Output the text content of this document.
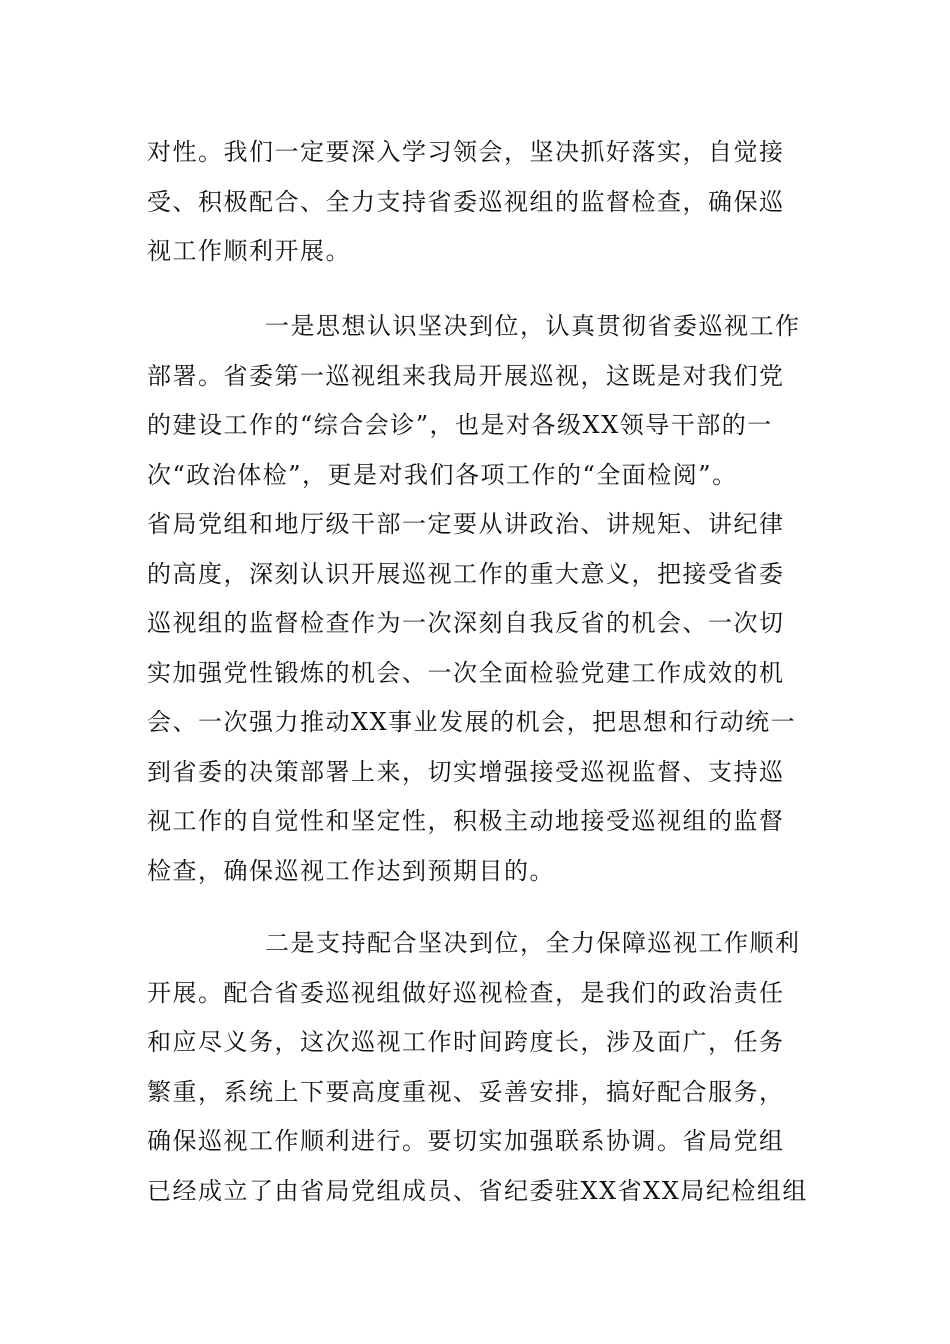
对性。我们一定要深入学习领会，坚决抓好落实，自觉接
受、积极配合、全力支持省委巡视组的监督检查，确保巡
视工作顺利开展。
一是思想认识坚决到位，认真贯彻省委巡视工作
部署。省委第一巡视组来我局开展巡视，这既是对我们党
的建设工作的“综合会诊”，也是对各级XX领导干部的一
次“政治体检”，更是对我们各项工作的“全面检阅”。
省局党组和地厅级干部一定要从讲政治、讲规矩、讲纪律
的高度，深刻认识开展巡视工作的重大意义，把接受省委
巡视组的监督检查作为一次深刻自我反省的机会、一次切
实加强党性锻炼的机会、一次全面检验党建工作成效的机
会、一次强力推动XX事业发展的机会，把思想和行动统一
到省委的决策部署上来，切实增强接受巡视监督、支持巡
视工作的自觉性和坚定性，积极主动地接受巡视组的监督
检查，确保巡视工作达到预期目的。
二是支持配合坚决到位，全力保障巡视工作顺利
开展。配合省委巡视组做好巡视检查，是我们的政治责任
和应尽义务，这次巡视工作时间跨度长，涉及面广，任务
繁重，系统上下要高度重视、妥善安排，搞好配合服务，
确保巡视工作顺利进行。要切实加强联系协调。省局党组
已经成立了由省局党组成员、省纪委驻XX省XX局纪检组组
